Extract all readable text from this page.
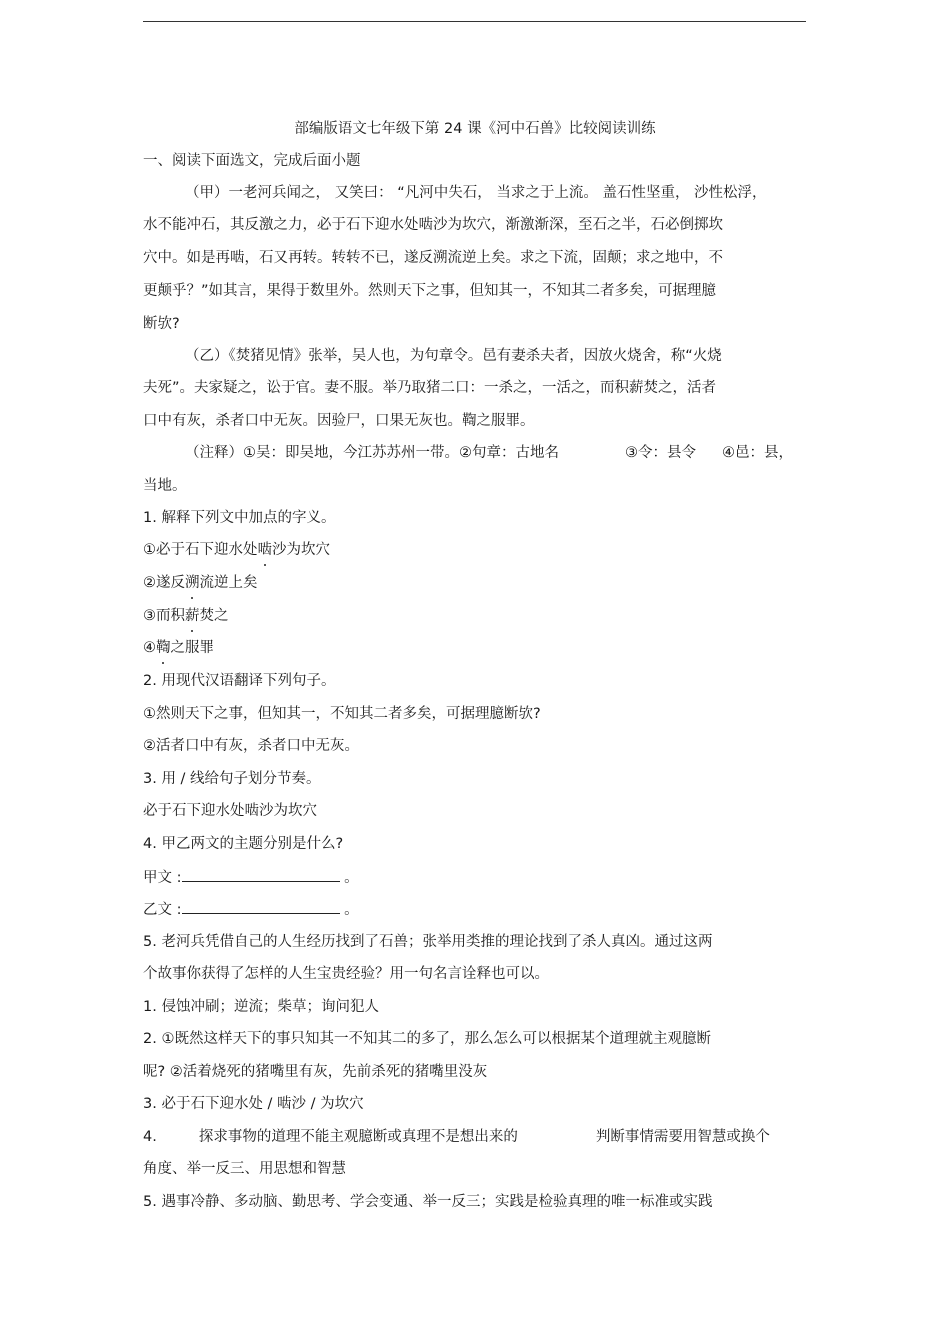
部编版语文七年级下第 24 课《河中石兽》比较阅读训练
一、阅读下面选文，完成后面小题
（甲）一老河兵闻之， 又笑曰： “凡河中失石， 当求之于上流。 盖石性坚重， 沙性松浮，
水不能冲石，其反激之力，必于石下迎水处啮沙为坎穴，渐激渐深，至石之半，石必倒掷坎
穴中。如是再啮，石又再转。转转不已，遂反溯流逆上矣。求之下流，固颠；求之地中，不
更颠乎？”如其言，果得于数里外。然则天下之事，但知其一，不知其二者多矣，可据理臆
断欤?
（乙）《焚猪见情》张举，吴人也，为句章令。邑有妻杀夫者，因放火烧舍，称“火烧
夫死”。夫家疑之，讼于官。妻不服。举乃取猪二口：一杀之，一活之，而积薪焚之，活者
口中有灰，杀者口中无灰。因验尸，口果无灰也。鞫之服罪。
（注释）①吴：即吴地，今江苏苏州一带。②句章：古地名	③令：县令 ④邑：县，
当地。
1. 解释下列文中加点的字义。
①必于石下迎水处啮沙为坎穴
②遂反溯流逆上矣
③而积薪焚之
④鞫之服罪
2. 用现代汉语翻译下列句子。
①然则天下之事，但知其一，不知其二者多矣，可据理臆断欤?
②活者口中有灰，杀者口中无灰。
3. 用 / 线给句子划分节奏。
必于石下迎水处啮沙为坎穴
4. 甲乙两文的主题分别是什么?
甲文 :	。
乙文 :	。
5. 老河兵凭借自己的人生经历找到了石兽；张举用类推的理论找到了杀人真凶。通过这两
个故事你获得了怎样的人生宝贵经验？用一句名言诠释也可以。
1. 侵蚀冲刷；逆流；柴草；询问犯人
2. ①既然这样天下的事只知其一不知其二的多了，那么怎么可以根据某个道理就主观臆断
呢? ②活着烧死的猪嘴里有灰，先前杀死的猪嘴里没灰
3. 必于石下迎水处 / 啮沙 / 为坎穴
4.	探求事物的道理不能主观臆断或真理不是想出来的	判断事情需要用智慧或换个
角度、举一反三、用思想和智慧
5. 遇事冷静、多动脑、勤思考、学会变通、举一反三；实践是检验真理的唯一标准或实践
